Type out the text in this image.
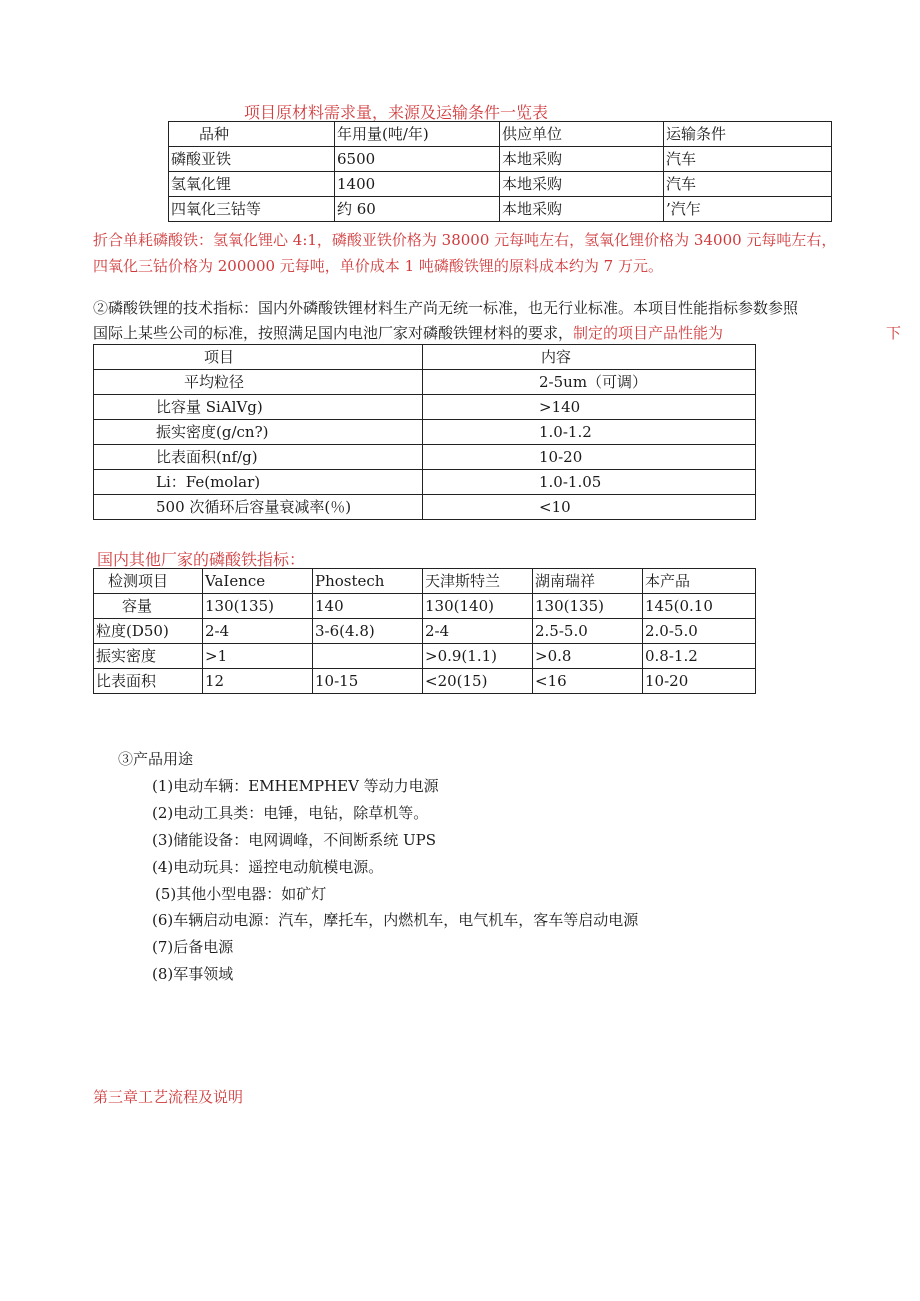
项目原材料需求量，来源及运输条件一览表
品种	年用量(吨/年)	供应单位	运输条件
磷酸亚铁	6500	本地采购	汽车
氢氧化锂	1400	本地采购	汽车
四氧化三钴等	约 60	本地采购	’汽乍
折合单耗磷酸铁：氢氧化锂心 4:1，磷酸亚铁价格为 38000 元每吨左右，氢氧化锂价格为 34000 元每吨左右，
四氧化三钴价格为 200000 元每吨，单价成本 1 吨磷酸铁锂的原料成本约为 7 万元。
②磷酸铁锂的技术指标：国内外磷酸铁锂材料生产尚无统一标准，也无行业标准。本项目性能指标参数参照
国际上某些公司的标准，按照满足国内电池厂家对磷酸铁锂材料的要求，制定的项目产品性能为	下
项目	内容
平均粒径	2-5um（可调）
比容量 SiAlVg)	>140
振实密度(g/cn?)	1.0-1.2
比表面积(nf/g)	10-20
Li：Fe(molar)	1.0-1.05
500 次循环后容量衰减率(％)	<10
国内其他厂家的磷酸铁指标：
检测项目	VaIence	Phostech	天津斯特兰	湖南瑞祥	本产品
容量	130(135)	140	130(140)	130(135)	145(0.10
粒度(D50)	2-4	3-6(4.8)	2-4	2.5-5.0	2.0-5.0
振实密度	>1		>0.9(1.1)	>0.8	0.8-1.2
比表面积	12	10-15	<20(15)	<16	10-20
③产品用途
(1)电动车辆：EMHEMPHEV 等动力电源
(2)电动工具类：电锤，电钻，除草机等。
(3)储能设备：电网调峰，不间断系统 UPS
(4)电动玩具：遥控电动航模电源。
(5)其他小型电器：如矿灯
(6)车辆启动电源：汽车，摩托车，内燃机车，电气机车，客车等启动电源
(7)后备电源
(8)军事领域
第三章工艺流程及说明
